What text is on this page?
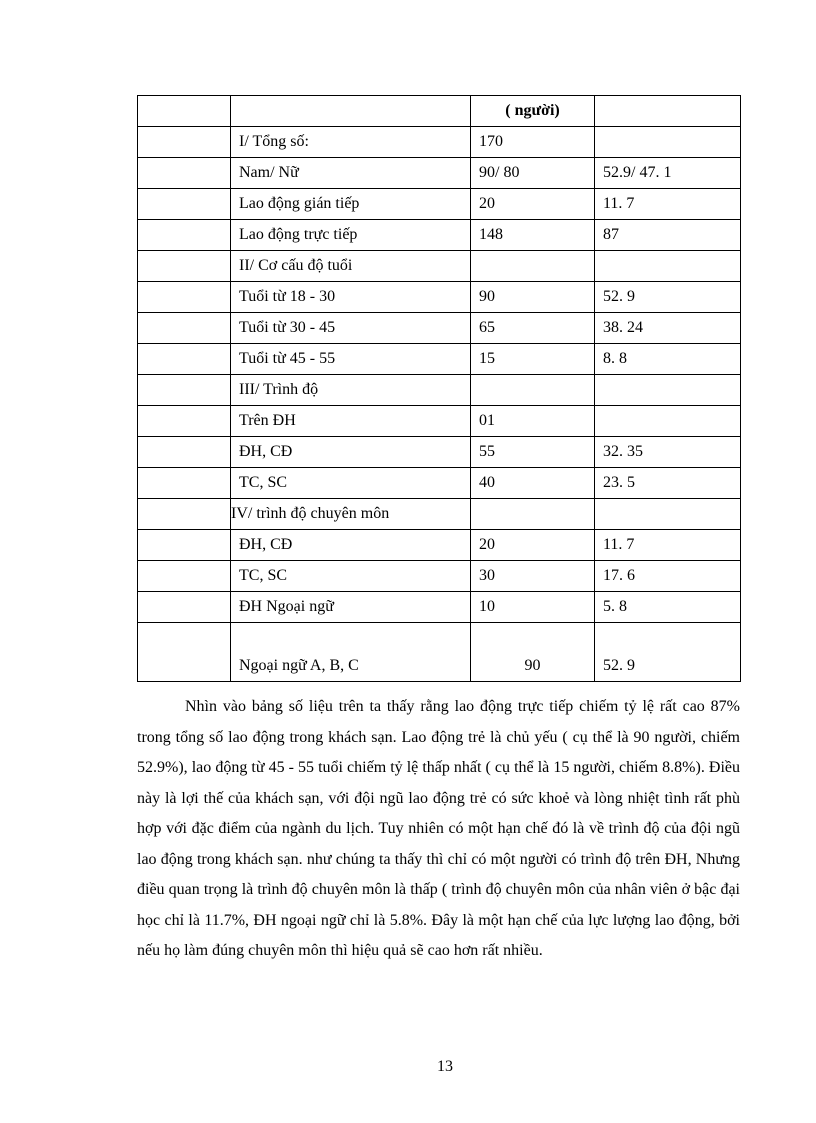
		( người)	
	I/ Tổng số:	170	
	Nam/ Nữ	90/ 80	52.9/ 47. 1
	Lao động gián tiếp	20	11. 7
	Lao động trực tiếp	148	87
	II/ Cơ cấu độ tuổi		
	Tuổi từ 18 - 30	90	52. 9
	Tuổi từ 30 - 45	65	38. 24
	Tuổi từ 45 - 55	15	8. 8
	III/ Trình độ		
	Trên ĐH	01	
	ĐH, CĐ	55	32. 35
	TC, SC	40	23. 5
	IV/ trình độ chuyên môn		
	ĐH, CĐ	20	11. 7
	TC, SC	30	17. 6
	ĐH Ngoại ngữ	10	5. 8
	Ngoại ngữ A, B, C	90	52. 9

Nhìn vào bảng số liệu trên ta thấy rằng lao động trực tiếp chiếm tỷ lệ rất cao 87% trong tổng số lao động trong khách sạn. Lao động trẻ là chủ yếu ( cụ thể là 90 người, chiếm 52.9%), lao động từ 45 - 55 tuổi chiếm tỷ lệ thấp nhất ( cụ thể là 15 người, chiếm 8.8%). Điều này là lợi thế của khách sạn, với đội ngũ lao động trẻ có sức khoẻ và lòng nhiệt tình rất phù hợp với đặc điểm của ngành du lịch. Tuy nhiên có một hạn chế đó là về trình độ của đội ngũ lao động trong khách sạn. như chúng ta thấy thì chỉ có một người có trình độ trên ĐH, Nhưng điều quan trọng là trình độ chuyên môn là thấp ( trình độ chuyên môn của nhân viên ở bậc đại học chỉ là 11.7%, ĐH ngoại ngữ chỉ là 5.8%. Đây là một hạn chế của lực lượng lao động, bởi nếu họ làm đúng chuyên môn thì hiệu quả sẽ cao hơn rất nhiều.

13
